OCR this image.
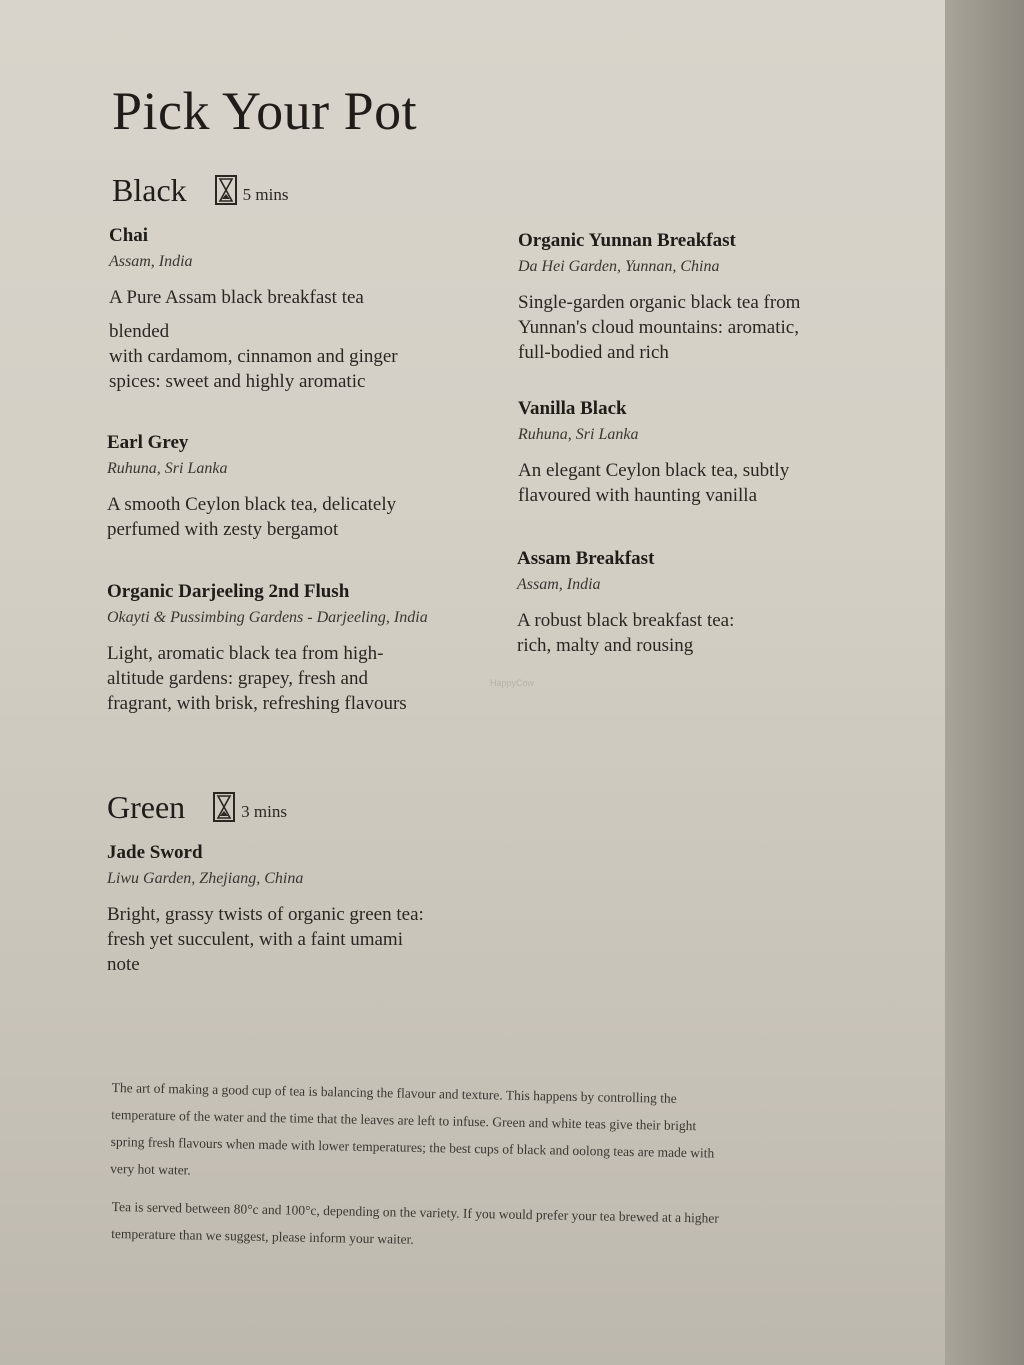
Pick Your Pot
Black	5 mins

Chai

Assam, India

A Pure Assam black breakfast tea
blended
with cardamom, cinnamon and ginger
spices: sweet and highly aromatic

Earl Grey

Ruhuna, Sri Lanka

A smooth Ceylon black tea, delicately
perfumed with zesty bergamot

Organic Darjeeling 2nd Flush

Okayti & Pussimbing Gardens - Darjeeling, India

Light, aromatic black tea from high-
altitude gardens: grapey, fresh and
fragrant, with brisk, refreshing flavours

Organic Yunnan Breakfast

Da Hei Garden, Yunnan, China

Single-garden organic black tea from
Yunnan's cloud mountains: aromatic,
full-bodied and rich

Vanilla Black

Ruhuna, Sri Lanka

An elegant Ceylon black tea, subtly
flavoured with haunting vanilla

Assam Breakfast

Assam, India

A robust black breakfast tea:
rich, malty and rousing

HappyCow
Green	3 mins

Jade Sword

Liwu Garden, Zhejiang, China

Bright, grassy twists of organic green tea:
fresh yet succulent, with a faint umami
note

The art of making a good cup of tea is balancing the flavour and texture. This happens by controlling the
temperature of the water and the time that the leaves are left to infuse. Green and white teas give their bright
spring fresh flavours when made with lower temperatures; the best cups of black and oolong teas are made with
very hot water.

Tea is served between 80°c and 100°c, depending on the variety. If you would prefer your tea brewed at a higher
temperature than we suggest, please inform your waiter.
